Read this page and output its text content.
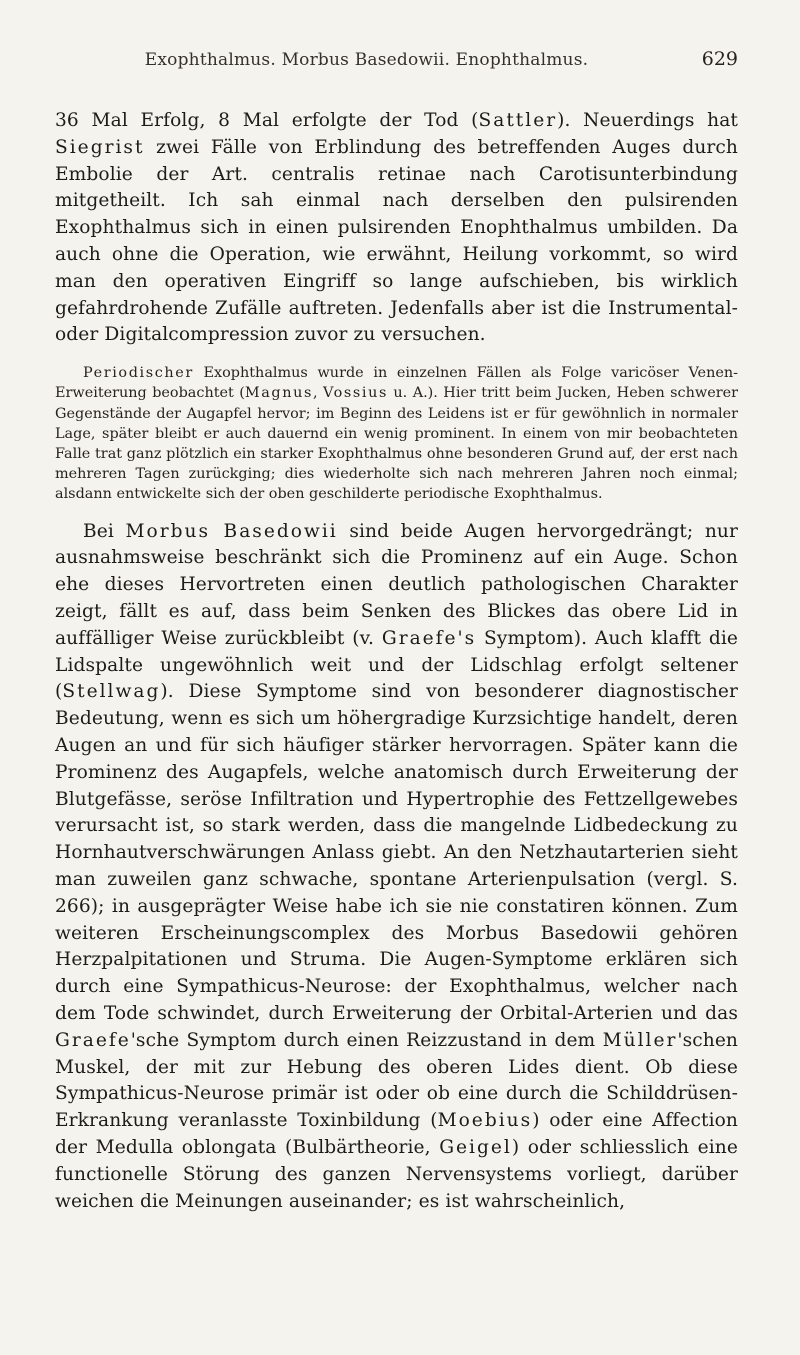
Exophthalmus. Morbus Basedowii. Enophthalmus.	629

36 Mal Erfolg, 8 Mal erfolgte der Tod (Sattler). Neuerdings hat Siegrist zwei Fälle von Erblindung des betreffenden Auges durch Embolie der Art. centralis retinae nach Carotisunterbindung mitgetheilt. Ich sah einmal nach derselben den pulsirenden Exophthalmus sich in einen pulsirenden Enophthalmus umbilden. Da auch ohne die Operation, wie erwähnt, Heilung vorkommt, so wird man den operativen Eingriff so lange aufschieben, bis wirklich gefahrdrohende Zufälle auftreten. Jedenfalls aber ist die Instrumental- oder Digitalcompression zuvor zu versuchen.

Periodischer Exophthalmus wurde in einzelnen Fällen als Folge varicöser Venen-Erweiterung beobachtet (Magnus, Vossius u. A.). Hier tritt beim Jucken, Heben schwerer Gegenstände der Augapfel hervor; im Beginn des Leidens ist er für gewöhnlich in normaler Lage, später bleibt er auch dauernd ein wenig prominent. In einem von mir beobachteten Falle trat ganz plötzlich ein starker Exophthalmus ohne besonderen Grund auf, der erst nach mehreren Tagen zurückging; dies wiederholte sich nach mehreren Jahren noch einmal; alsdann entwickelte sich der oben geschilderte periodische Exophthalmus.

Bei Morbus Basedowii sind beide Augen hervorgedrängt; nur ausnahmsweise beschränkt sich die Prominenz auf ein Auge. Schon ehe dieses Hervortreten einen deutlich pathologischen Charakter zeigt, fällt es auf, dass beim Senken des Blickes das obere Lid in auffälliger Weise zurückbleibt (v. Graefe's Symptom). Auch klafft die Lidspalte ungewöhnlich weit und der Lidschlag erfolgt seltener (Stellwag). Diese Symptome sind von besonderer diagnostischer Bedeutung, wenn es sich um höhergradige Kurzsichtige handelt, deren Augen an und für sich häufiger stärker hervorragen. Später kann die Prominenz des Augapfels, welche anatomisch durch Erweiterung der Blutgefässe, seröse Infiltration und Hypertrophie des Fettzellgewebes verursacht ist, so stark werden, dass die mangelnde Lidbedeckung zu Hornhautverschwärungen Anlass giebt. An den Netzhautarterien sieht man zuweilen ganz schwache, spontane Arterienpulsation (vergl. S. 266); in ausgeprägter Weise habe ich sie nie constatiren können. Zum weiteren Erscheinungscomplex des Morbus Basedowii gehören Herzpalpitationen und Struma. Die Augen-Symptome erklären sich durch eine Sympathicus-Neurose: der Exophthalmus, welcher nach dem Tode schwindet, durch Erweiterung der Orbital-Arterien und das Graefe'sche Symptom durch einen Reizzustand in dem Müller'schen Muskel, der mit zur Hebung des oberen Lides dient. Ob diese Sympathicus-Neurose primär ist oder ob eine durch die Schilddrüsen-Erkrankung veranlasste Toxinbildung (Moebius) oder eine Affection der Medulla oblongata (Bulbärtheorie, Geigel) oder schliesslich eine functionelle Störung des ganzen Nervensystems vorliegt, darüber weichen die Meinungen auseinander; es ist wahrscheinlich,
